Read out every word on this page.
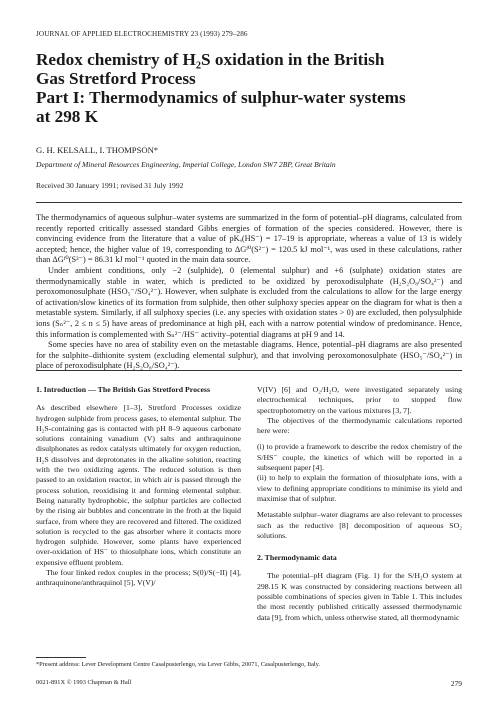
JOURNAL OF APPLIED ELECTROCHEMISTRY 23 (1993) 279–286
Redox chemistry of H₂S oxidation in the British
Gas Stretford Process
Part I: Thermodynamics of sulphur-water systems
at 298 K
G. H. KELSALL, I. THOMPSON*
Department of Mineral Resources Engineering, Imperial College, London SW7 2BP, Great Britain
Received 30 January 1991; revised 31 July 1992

The thermodynamics of aqueous sulphur–water systems are summarized in the form of potential–pH diagrams, calculated from recently reported critically assessed standard Gibbs energies of formation of the species considered. However, there is convincing evidence from the literature that a value of pKₐ(HS⁻) = 17–19 is appropriate, whereas a value of 13 is widely accepted; hence, the higher value of 19, corresponding to ΔGᶠ⁰(S²⁻) = 120.5 kJ mol⁻¹, was used in these calculations, rather than ΔGᶠ⁰(S²⁻) = 86.31 kJ mol⁻¹ quoted in the main data source.

Under ambient conditions, only −2 (sulphide), 0 (elemental sulphur) and +6 (sulphate) oxidation states are thermodynamically stable in water, which is predicted to be oxidized by peroxodisulphate (H₂S₂O₈/SO₄²⁻) and peroxomonosulphate (HSO₅⁻/SO₄²⁻). However, when sulphate is excluded from the calculations to allow for the large energy of activation/slow kinetics of its formation from sulphide, then other sulphoxy species appear on the diagram for what is then a metastable system. Similarly, if all sulphoxy species (i.e. any species with oxidation states > 0) are excluded, then polysulphide ions (Sₙ²⁻, 2 ≤ n ≤ 5) have areas of predominance at high pH, each with a narrow potential window of predominance. Hence, this information is complemented with Sₙ²⁻/HS⁻ activity–potential diagrams at pH 9 and 14.

Some species have no area of stability even on the metastable diagrams. Hence, potential–pH diagrams are also presented for the sulphite–dithionite system (excluding elemental sulphur), and that involving peroxomonosulphate (HSO₅⁻/SO₄²⁻) in place of peroxodisulphate (H₂S₂O₈/SO₄²⁻).

1. Introduction — The British Gas Stretford Process

As described elsewhere [1–3], Stretford Processes oxidize hydrogen sulphide from process gases, to elemental sulphur. The H₂S-containing gas is contacted with pH 8–9 aqueous carbonate solutions containing vanadium (V) salts and anthraquinone disulphonates as redox catalysts ultimately for oxygen reduction, H₂S dissolves and deprotonates in the alkaline solution, reacting with the two oxidizing agents. The reduced solution is then passed to an oxidation reactor, in which air is passed through the process solution, reoxidising it and forming elemental sulphur. Being naturally hydrophobic, the sulphur particles are collected by the rising air bubbles and concentrate in the froth at the liquid surface, from where they are recovered and filtered. The oxidized solution is recycled to the gas absorber where it contacts more hydrogen sulphide. However, some plants have experienced over-oxidation of HS⁻ to thiosulphate ions, which constitute an expensive effluent problem.

The four linked redox couples in the process; S(0)/S(−II) [4], anthraquinone/anthraquinol [5], V(V)/

V(IV) [6] and O₂/H₂O, were investigated separately using electrochemical techniques, prior to stopped flow spectrophotometry on the various mixtures [3, 7].

The objectives of the thermodynamic calculations reported here were:

(i) to provide a framework to describe the redox chemistry of the S/HS⁻ couple, the kinetics of which will be reported in a subsequent paper [4].

(ii) to help to explain the formation of thiosulphate ions, with a view to defining appropriate conditions to minimise its yield and maximise that of sulphur.

Metastable sulphur–water diagrams are also relevant to processes such as the reductive [8] decomposition of aqueous SO₂ solutions.

2. Thermodynamic data

The potential–pH diagram (Fig. 1) for the S/H₂O system at 298.15 K was constructed by considering reactions between all possible combinations of species given in Table 1. This includes the most recently published critically assessed thermodynamic data [9], from which, unless otherwise stated, all thermodynamic

*Present address: Lever Development Centre Casalpusterlengo, via Lever Gibbs, 20071, Casalpusterlengo, Italy.
0021-891X © 1993 Chapman & Hall	279
